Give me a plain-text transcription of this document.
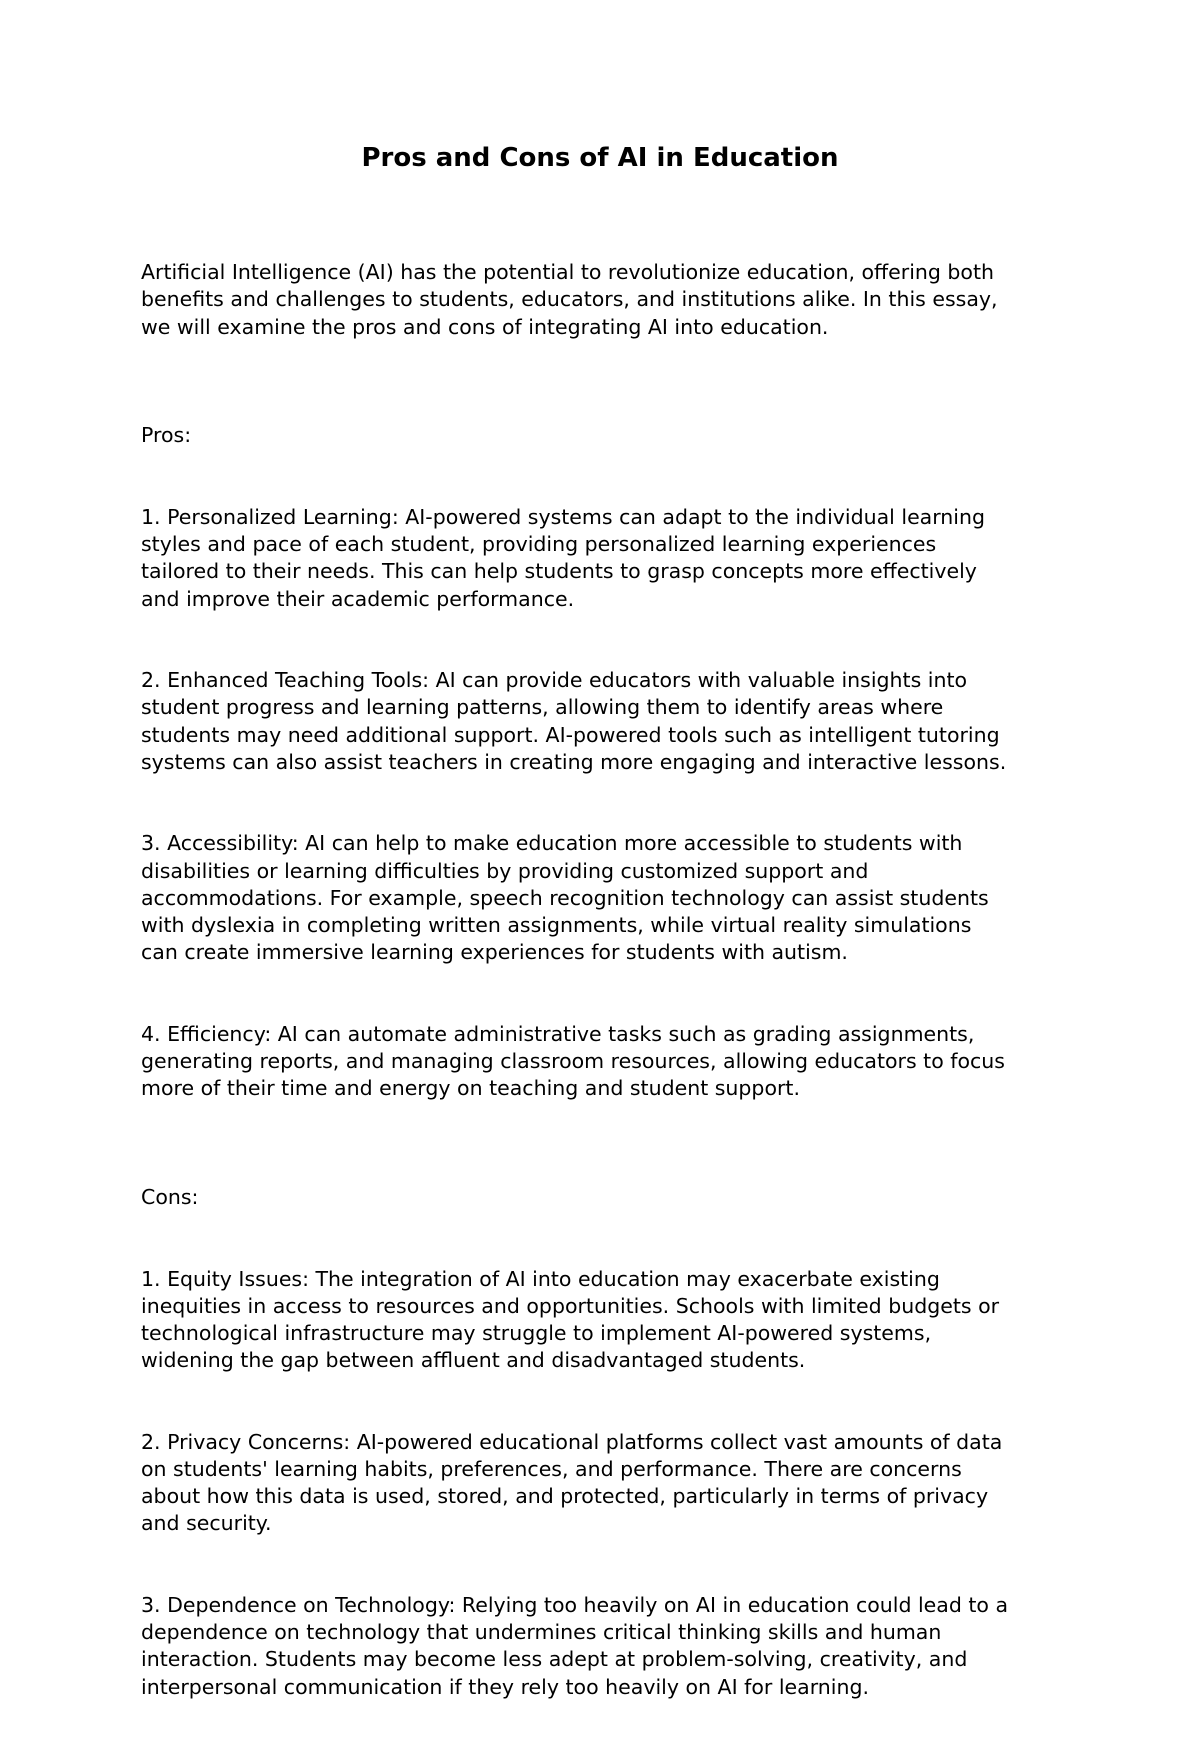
Pros and Cons of AI in Education

Artificial Intelligence (AI) has the potential to revolutionize education, offering both
benefits and challenges to students, educators, and institutions alike. In this essay,
we will examine the pros and cons of integrating AI into education.

Pros:

1. Personalized Learning: AI-powered systems can adapt to the individual learning
styles and pace of each student, providing personalized learning experiences
tailored to their needs. This can help students to grasp concepts more effectively
and improve their academic performance.

2. Enhanced Teaching Tools: AI can provide educators with valuable insights into
student progress and learning patterns, allowing them to identify areas where
students may need additional support. AI-powered tools such as intelligent tutoring
systems can also assist teachers in creating more engaging and interactive lessons.

3. Accessibility: AI can help to make education more accessible to students with
disabilities or learning difficulties by providing customized support and
accommodations. For example, speech recognition technology can assist students
with dyslexia in completing written assignments, while virtual reality simulations
can create immersive learning experiences for students with autism.

4. Efficiency: AI can automate administrative tasks such as grading assignments,
generating reports, and managing classroom resources, allowing educators to focus
more of their time and energy on teaching and student support.

Cons:

1. Equity Issues: The integration of AI into education may exacerbate existing
inequities in access to resources and opportunities. Schools with limited budgets or
technological infrastructure may struggle to implement AI-powered systems,
widening the gap between affluent and disadvantaged students.

2. Privacy Concerns: AI-powered educational platforms collect vast amounts of data
on students' learning habits, preferences, and performance. There are concerns
about how this data is used, stored, and protected, particularly in terms of privacy
and security.

3. Dependence on Technology: Relying too heavily on AI in education could lead to a
dependence on technology that undermines critical thinking skills and human
interaction. Students may become less adept at problem-solving, creativity, and
interpersonal communication if they rely too heavily on AI for learning.
